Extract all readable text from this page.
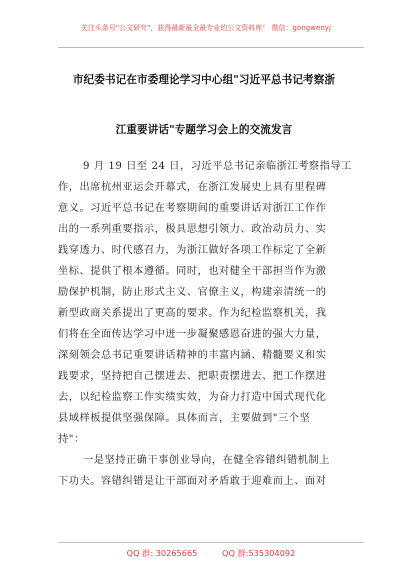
关注头条号"公文研究"，获得最新最全最专业的公文资料库！ 微信：gongwenyj
市纪委书记在市委理论学习中心组"习近平总书记考察浙
江重要讲话"专题学习会上的交流发言
9 月 19 日至 24 日，习近平总书记亲临浙江考察指导工
作，出席杭州亚运会开幕式，在浙江发展史上具有里程碑
意义。习近平总书记在考察期间的重要讲话对浙江工作作
出的一系列重要指示，极具思想引领力、政治动员力、实
践穿透力、时代感召力，为浙江做好各项工作标定了全新
坐标、提供了根本遵循。同时，也对健全干部担当作为激
励保护机制，防止形式主义、官僚主义，构建亲清统一的
新型政商关系提出了更高的要求。作为纪检监察机关，我
们将在全面传达学习中迸一步凝聚感恩奋进的强大力量，
深刻领会总书记重要讲话精神的丰富内涵、精髓要义和实
践要求，坚持把自己摆进去、把职责摆进去、把工作摆进
去，以纪检监察工作实绩实效，为奋力打造中国式现代化
县域样板提供坚强保障。具体而言，主要做到"三个坚
持"：
一是坚持正确干事创业导向，在健全容错纠错机制上
下功夫。容错纠错是让干部面对矛盾敢于迎难而上、面对
QQ 群: 30265665	QQ 群:535304092
